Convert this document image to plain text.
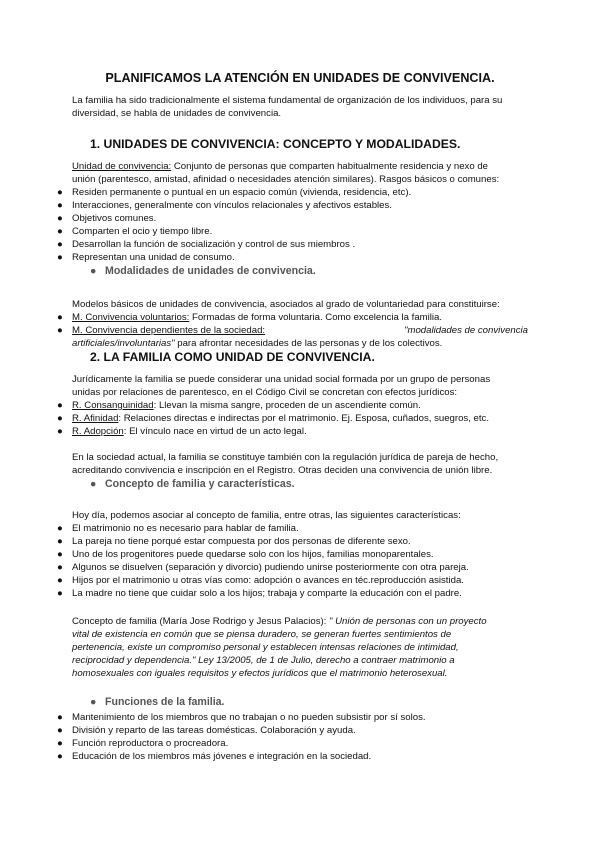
PLANIFICAMOS LA ATENCIÓN EN UNIDADES DE CONVIVENCIA.
La familia ha sido tradicionalmente el sistema fundamental de organización de los individuos, para su
diversidad, se habla de unidades de convivencia.
1. UNIDADES DE CONVIVENCIA: CONCEPTO Y MODALIDADES.
Unidad de convivencia: Conjunto de personas que comparten habitualmente residencia y nexo de
unión (parentesco, amistad, afinidad o necesidades atención similares). Rasgos básicos o comunes:
● Residen permanente o puntual en un espacio común (vivienda, residencia, etc).
● Interacciones, generalmente con vínculos relacionales y afectivos estables.
● Objetivos comunes.
● Comparten el ocio y tiempo libre.
● Desarrollan la función de socialización y control de sus miembros .
● Representan una unidad de consumo.
● Modalidades de unidades de convivencia.
Modelos básicos de unidades de convivencia, asociados al grado de voluntariedad para constituirse:
● M. Convivencia voluntarios: Formadas de forma voluntaria. Como excelencia la familia.
● M. Convivencia dependientes de la sociedad:	"modalidades de convivencia
artificiales/involuntarias" para afrontar necesidades de las personas y de los colectivos.
2. LA FAMILIA COMO UNIDAD DE CONVIVENCIA.
Jurídicamente la familia se puede considerar una unidad social formada por un grupo de personas
unidas por relaciones de parentesco, en el Código Civil se concretan con efectos jurídicos:
● R. Consanguinidad: Llevan la misma sangre, proceden de un ascendiente común.
● R. Afinidad: Relaciones directas e indirectas por el matrimonio. Ej. Esposa, cuñados, suegros, etc.
● R. Adopción: El vínculo nace en virtud de un acto legal.
En la sociedad actual, la familia se constituye también con la regulación jurídica de pareja de hecho,
acreditando convivencia e inscripción en el Registro. Otras deciden una convivencia de unión libre.
● Concepto de familia y características.
Hoy día, podemos asociar al concepto de familia, entre otras, las siguientes características:
● El matrimonio no es necesario para hablar de familia.
● La pareja no tiene porqué estar compuesta por dos personas de diferente sexo.
● Uno de los progenitores puede quedarse solo con los hijos, familias monoparentales.
● Algunos se disuelven (separación y divorcio) pudiendo unirse posteriormente con otra pareja.
● Hijos por el matrimonio u otras vías como: adopción o avances en téc.reproducción asistida.
● La madre no tiene que cuidar solo a los hijos; trabaja y comparte la educación con el padre.
Concepto de familia (María Jose Rodrigo y Jesus Palacios): " Unión de personas con un proyecto
vital de existencia en común que se piensa duradero, se generan fuertes sentimientos de
pertenencia, existe un compromiso personal y establecen intensas relaciones de intimidad,
reciprocidad y dependencia." Ley 13/2005, de 1 de Julio, derecho a contraer matrimonio a
homosexuales con iguales requisitos y efectos jurídicos que el matrimonio heterosexual.
● Funciones de la familia.
● Mantenimiento de los miembros que no trabajan o no pueden subsistir por sí solos.
● División y reparto de las tareas domésticas. Colaboración y ayuda.
● Función reproductora o procreadora.
● Educación de los miembros más jóvenes e integración en la sociedad.
